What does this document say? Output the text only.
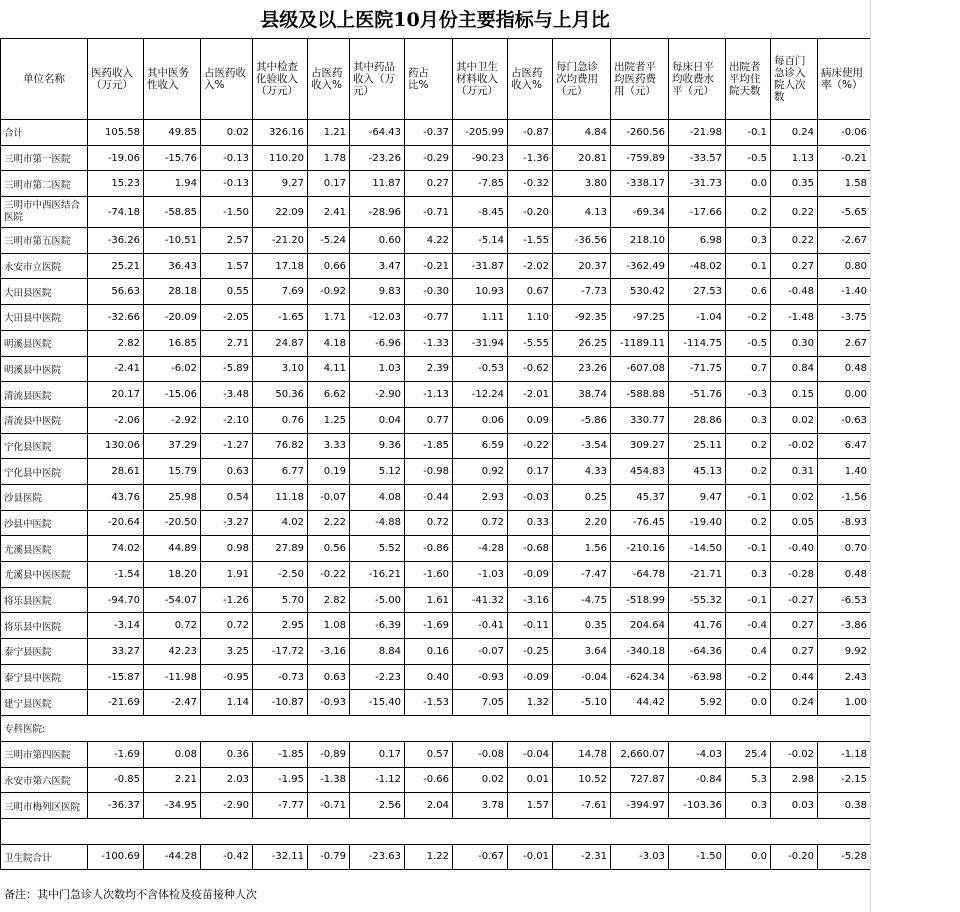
县级及以上医院10月份主要指标与上月比
单位名称	医药收入（万元）	其中医务性收入	占医药收入%	其中检查化验收入（万元）	占医药收入%	其中药品收入（万元）	药占比%	其中卫生材料收入（万元）	占医药收入%	每门急诊次均费用（元）	出院者平均医药费用（元）	每床日平均收费水平（元）	出院者平均住院天数	每百门急诊入院人次数	病床使用率（%）
合计	105.58	49.85	0.02	326.16	1.21	-64.43	-0.37	-205.99	-0.87	4.84	-260.56	-21.98	-0.1	0.24	-0.06
三明市第一医院	-19.06	-15.76	-0.13	110.20	1.78	-23.26	-0.29	-90.23	-1.36	20.81	-759.89	-33.57	-0.5	1.13	-0.21
三明市第二医院	15.23	1.94	-0.13	9.27	0.17	11.87	0.27	-7.85	-0.32	3.80	-338.17	-31.73	0.0	0.35	1.58
三明市中西医结合医院	-74.18	-58.85	-1.50	22.09	2.41	-28.96	-0.71	-8.45	-0.20	4.13	-69.34	-17.66	0.2	0.22	-5.65
三明市第五医院	-36.26	-10.51	2.57	-21.20	-5.24	0.60	4.22	-5.14	-1.55	-36.56	218.10	6.98	0.3	0.22	-2.67
永安市立医院	25.21	36.43	1.57	17.18	0.66	3.47	-0.21	-31.87	-2.02	20.37	-362.49	-48.02	0.1	0.27	0.80
大田县医院	56.63	28.18	0.55	7.69	-0.92	9.83	-0.30	10.93	0.67	-7.73	530.42	27.53	0.6	-0.48	-1.40
大田县中医院	-32.66	-20.09	-2.05	-1.65	1.71	-12.03	-0.77	1.11	1.10	-92.35	-97.25	-1.04	-0.2	-1.48	-3.75
明溪县医院	2.82	16.85	2.71	24.87	4.18	-6.96	-1.33	-31.94	-5.55	26.25	-1189.11	-114.75	-0.5	0.30	2.67
明溪县中医院	-2.41	-6.02	-5.89	3.10	4.11	1.03	2.39	-0.53	-0.62	23.26	-607.08	-71.75	0.7	0.84	0.48
清流县医院	20.17	-15.06	-3.48	50.36	6.62	-2.90	-1.13	-12.24	-2.01	38.74	-588.88	-51.76	-0.3	0.15	0.00
清流县中医院	-2.06	-2.92	-2.10	0.76	1.25	0.04	0.77	0.06	0.09	-5.86	330.77	28.86	0.3	0.02	-0.63
宁化县医院	130.06	37.29	-1.27	76.82	3.33	9.36	-1.85	6.59	-0.22	-3.54	309.27	25.11	0.2	-0.02	6.47
宁化县中医院	28.61	15.79	0.63	6.77	0.19	5.12	-0.98	0.92	0.17	4.33	454.83	45.13	0.2	0.31	1.40
沙县医院	43.76	25.98	0.54	11.18	-0.07	4.08	-0.44	2.93	-0.03	0.25	45.37	9.47	-0.1	0.02	-1.56
沙县中医院	-20.64	-20.50	-3.27	4.02	2.22	-4.88	0.72	0.72	0.33	2.20	-76.45	-19.40	0.2	0.05	-8.93
尤溪县医院	74.02	44.89	0.98	27.89	0.56	5.52	-0.86	-4.28	-0.68	1.56	-210.16	-14.50	-0.1	-0.40	0.70
尤溪县中医医院	-1.54	18.20	1.91	-2.50	-0.22	-16.21	-1.60	-1.03	-0.09	-7.47	-64.78	-21.71	0.3	-0.28	0.48
将乐县医院	-94.70	-54.07	-1.26	5.70	2.82	-5.00	1.61	-41.32	-3.16	-4.75	-518.99	-55.32	-0.1	-0.27	-6.53
将乐县中医院	-3.14	0.72	0.72	2.95	1.08	-6.39	-1.69	-0.41	-0.11	0.35	204.64	41.76	-0.4	0.27	-3.86
泰宁县医院	33.27	42.23	3.25	-17.72	-3.16	8.84	0.16	-0.07	-0.25	3.64	-340.18	-64.36	0.4	0.27	9.92
泰宁县中医院	-15.87	-11.98	-0.95	-0.73	0.63	-2.23	0.40	-0.93	-0.09	-0.04	-624.34	-63.98	-0.2	0.44	2.43
建宁县医院	-21.69	-2.47	1.14	-10.87	-0.93	-15.40	-1.53	7.05	1.32	-5.10	44.42	5.92	0.0	0.24	1.00
专科医院:															
三明市第四医院	-1.69	0.08	0.36	-1.85	-0.89	0.17	0.57	-0.08	-0.04	14.78	2,660.07	-4.03	25.4	-0.02	-1.18
永安市第六医院	-0.85	2.21	2.03	-1.95	-1.38	-1.12	-0.66	0.02	0.01	10.52	727.87	-0.84	5.3	2.98	-2.15
三明市梅列区医院	-36.37	-34.95	-2.90	-7.77	-0.71	2.56	2.04	3.78	1.57	-7.61	-394.97	-103.36	0.3	0.03	0.38

卫生院合计	-100.69	-44.28	-0.42	-32.11	-0.79	-23.63	1.22	-0.67	-0.01	-2.31	-3.03	-1.50	0.0	-0.20	-5.28
备注：其中门急诊人次数均不含体检及疫苗接种人次
